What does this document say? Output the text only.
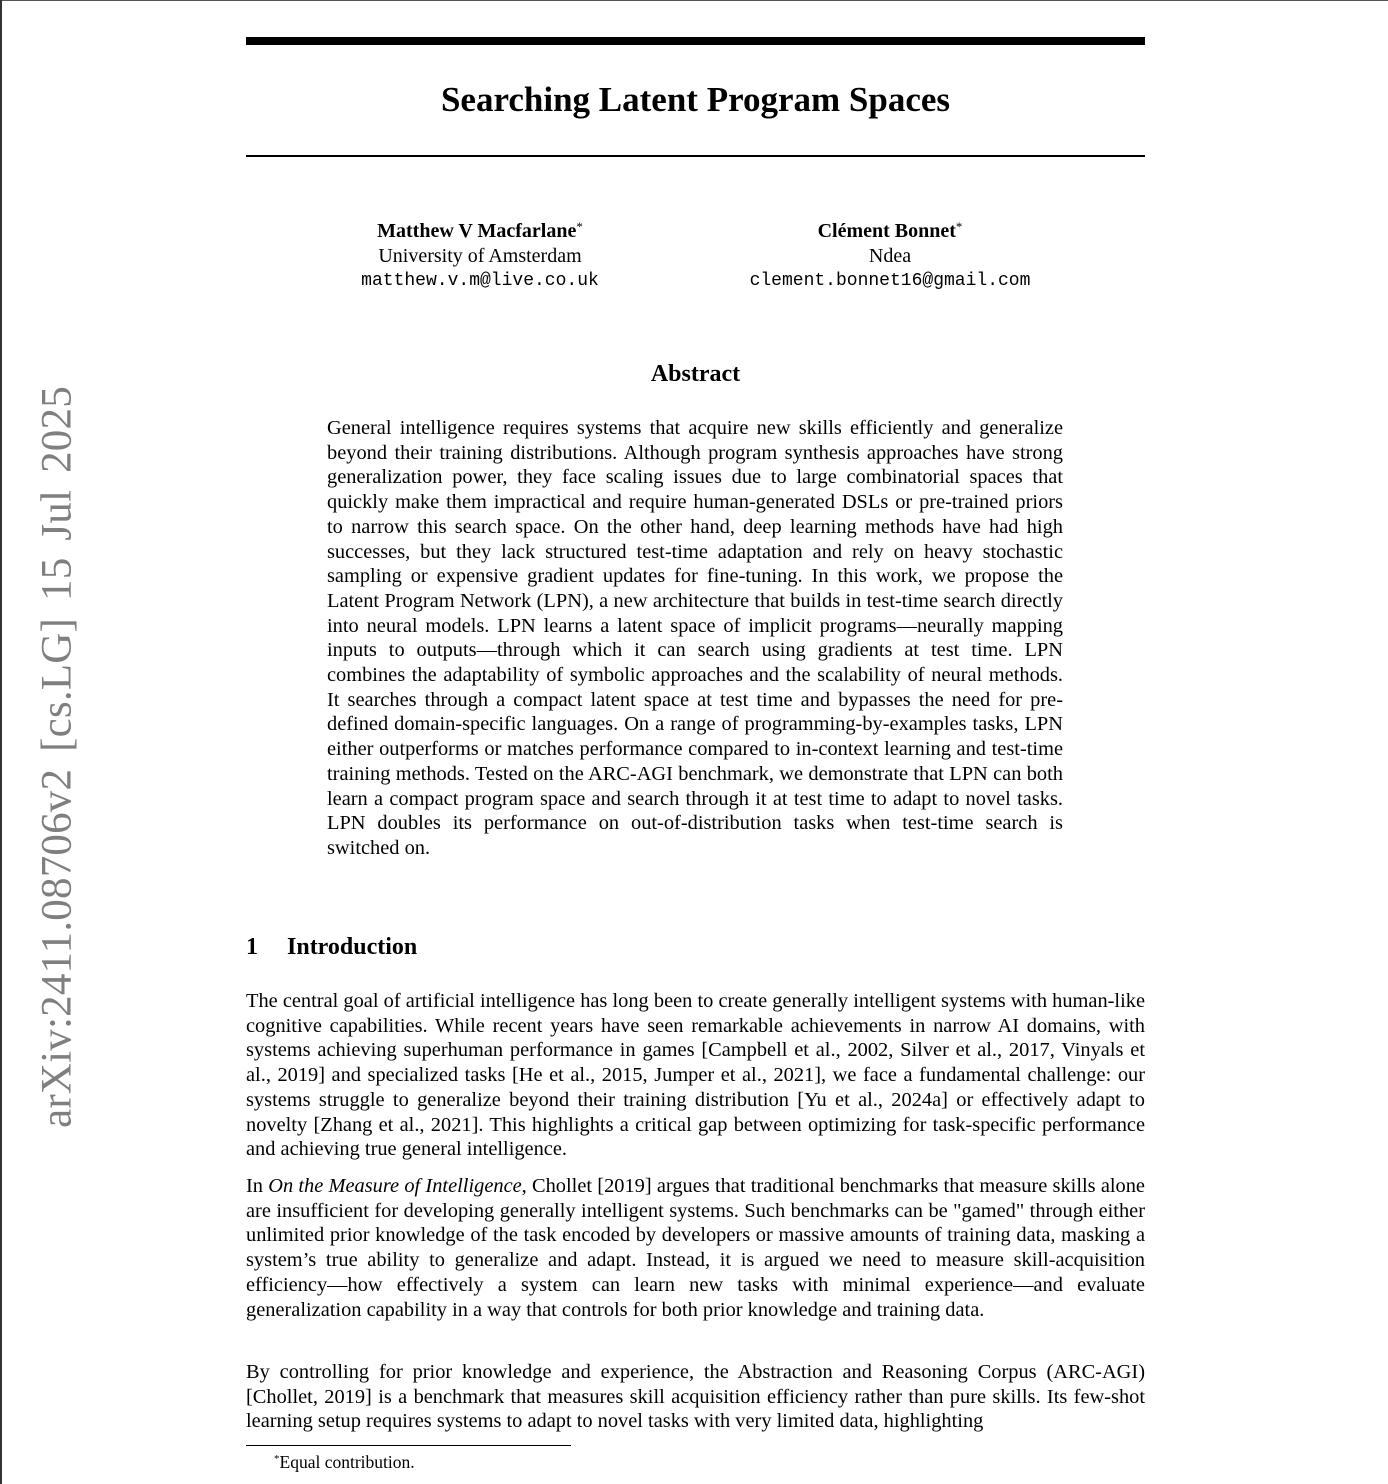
arXiv:2411.08706v2 [cs.LG] 15 Jul 2025
Searching Latent Program Spaces
Matthew V Macfarlane*
University of Amsterdam
matthew.v.m@live.co.uk
Clément Bonnet*
Ndea
clement.bonnet16@gmail.com
Abstract

General intelligence requires systems that acquire new skills efficiently and generalize beyond their training distributions. Although program synthesis approaches have strong generalization power, they face scaling issues due to large combinatorial spaces that quickly make them impractical and require human-generated DSLs or pre-trained priors to narrow this search space. On the other hand, deep learning methods have had high successes, but they lack structured test-time adaptation and rely on heavy stochastic sampling or expensive gradient updates for fine-tuning. In this work, we propose the Latent Program Network (LPN), a new architecture that builds in test-time search directly into neural models. LPN learns a latent space of implicit programs—neurally mapping inputs to outputs—through which it can search using gradients at test time. LPN combines the adaptability of symbolic approaches and the scalability of neural methods. It searches through a compact latent space at test time and bypasses the need for pre-defined domain-specific languages. On a range of programming-by-examples tasks, LPN either outperforms or matches performance compared to in-context learning and test-time training methods. Tested on the ARC-AGI benchmark, we demonstrate that LPN can both learn a compact program space and search through it at test time to adapt to novel tasks. LPN doubles its performance on out-of-distribution tasks when test-time search is switched on.

1 Introduction

The central goal of artificial intelligence has long been to create generally intelligent systems with human-like cognitive capabilities. While recent years have seen remarkable achievements in narrow AI domains, with systems achieving superhuman performance in games [Campbell et al., 2002, Silver et al., 2017, Vinyals et al., 2019] and specialized tasks [He et al., 2015, Jumper et al., 2021], we face a fundamental challenge: our systems struggle to generalize beyond their training distribution [Yu et al., 2024a] or effectively adapt to novelty [Zhang et al., 2021]. This highlights a critical gap between optimizing for task-specific performance and achieving true general intelligence.

In On the Measure of Intelligence, Chollet [2019] argues that traditional benchmarks that measure skills alone are insufficient for developing generally intelligent systems. Such benchmarks can be "gamed" through either unlimited prior knowledge of the task encoded by developers or massive amounts of training data, masking a system’s true ability to generalize and adapt. Instead, it is argued we need to measure skill-acquisition efficiency—how effectively a system can learn new tasks with minimal experience—and evaluate generalization capability in a way that controls for both prior knowledge and training data.

By controlling for prior knowledge and experience, the Abstraction and Reasoning Corpus (ARC-AGI) [Chollet, 2019] is a benchmark that measures skill acquisition efficiency rather than pure skills. Its few-shot learning setup requires systems to adapt to novel tasks with very limited data, highlighting

*Equal contribution.
